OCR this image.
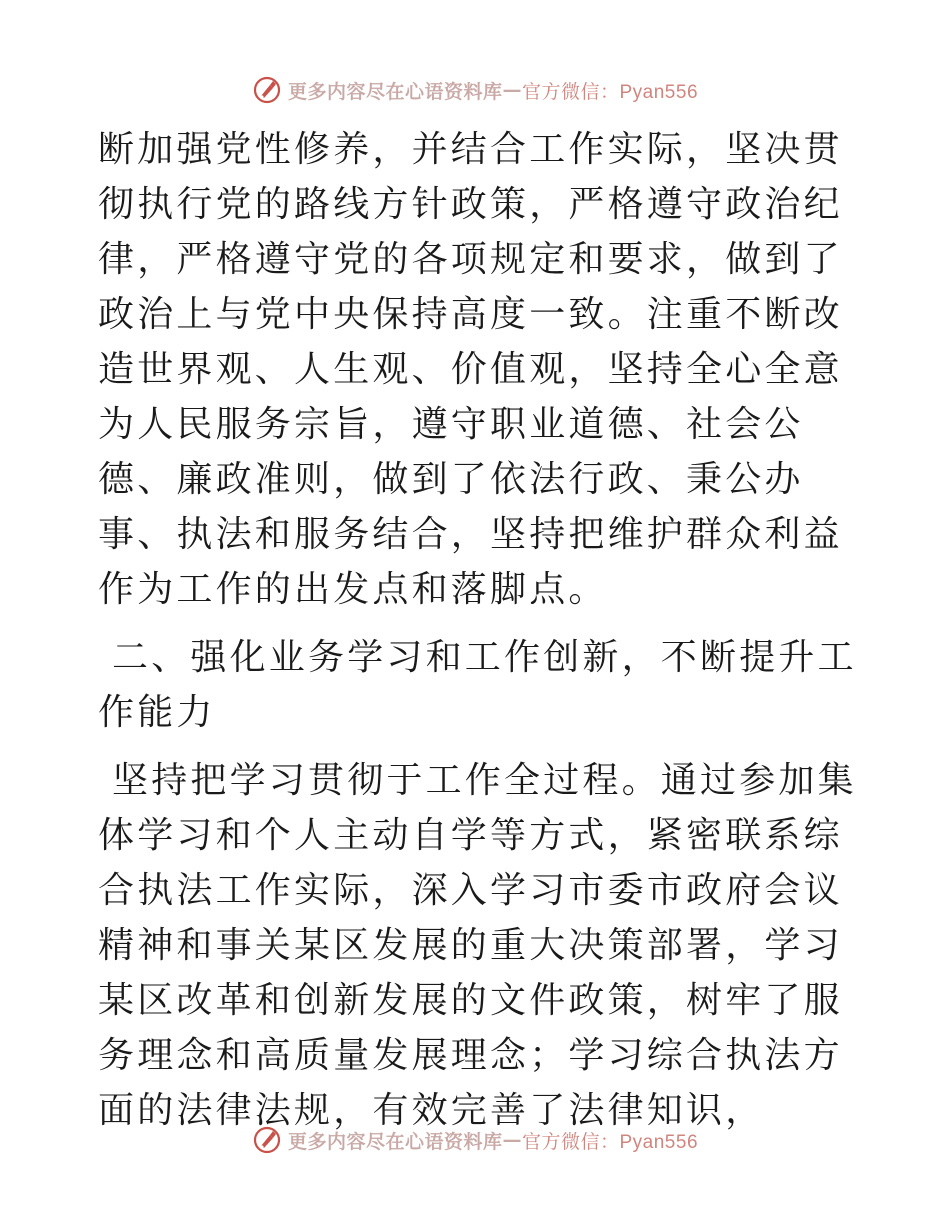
更多内容尽在心语资料库 — 官方微信：Pyan556

断加强党性修养，并结合工作实际，坚决贯彻执行党的路线方针政策，严格遵守政治纪律，严格遵守党的各项规定和要求，做到了政治上与党中央保持高度一致。注重不断改造世界观、人生观、价值观，坚持全心全意为人民服务宗旨，遵守职业道德、社会公德、廉政准则，做到了依法行政、秉公办事、执法和服务结合，坚持把维护群众利益作为工作的出发点和落脚点。

二、强化业务学习和工作创新，不断提升工作能力

坚持把学习贯彻于工作全过程。通过参加集体学习和个人主动自学等方式，紧密联系综合执法工作实际，深入学习市委市政府会议精神和事关某区发展的重大决策部署，学习某区改革和创新发展的文件政策，树牢了服务理念和高质量发展理念；学习综合执法方面的法律法规，有效完善了法律知识，

更多内容尽在心语资料库 — 官方微信：Pyan556
